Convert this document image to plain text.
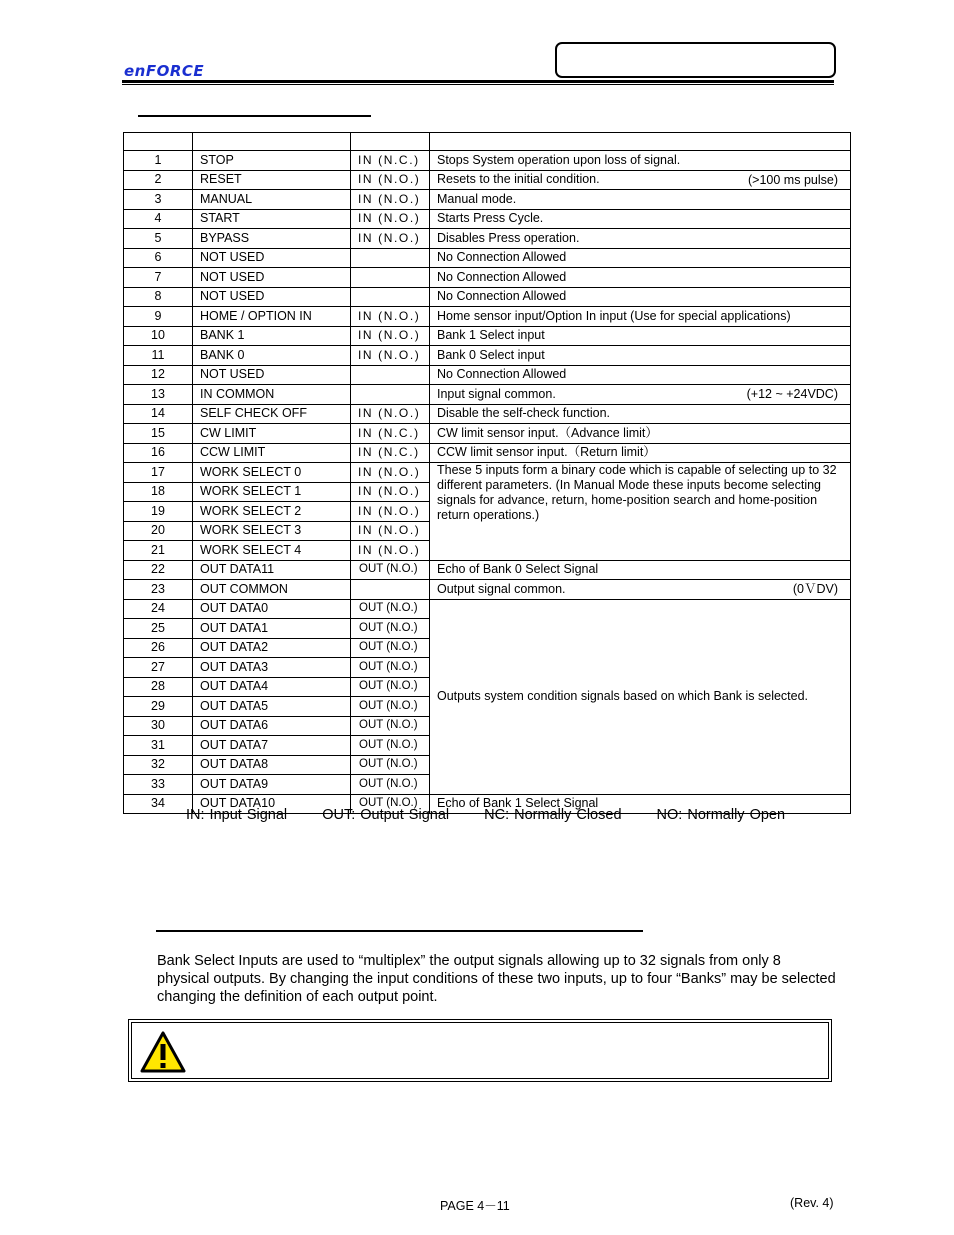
enFORCE

1	STOP	IN (N.C.)	Stops System operation upon loss of signal.
2	RESET	IN (N.O.)	Resets to the initial condition. (>100 ms pulse)

3	MANUAL	IN (N.O.)	Manual mode.
4	START	IN (N.O.)	Starts Press Cycle.
5	BYPASS	IN (N.O.)	Disables Press operation.
6	NOT USED		No Connection Allowed
7	NOT USED		No Connection Allowed
8	NOT USED		No Connection Allowed
9	HOME / OPTION IN	IN (N.O.)	Home sensor input/Option In input (Use for special applications)
10	BANK 1	IN (N.O.)	Bank 1 Select input
11	BANK 0	IN (N.O.)	Bank 0 Select input
12	NOT USED		No Connection Allowed
13	IN COMMON		Input signal common. (+12 ~ +24VDC)

14	SELF CHECK OFF	IN (N.O.)	Disable the self-check function.
15	CW LIMIT	IN (N.C.)	CW limit sensor input.（Advance limit）
16	CCW LIMIT	IN (N.C.)	CCW limit sensor input.（Return limit）
17	WORK SELECT 0	IN (N.O.)	These 5 inputs form a binary code which is capable of selecting up to 32 different parameters. (In Manual Mode these inputs become selecting signals for advance, return, home-position search and home-position return operations.)
18	WORK SELECT 1	IN (N.O.)	
19	WORK SELECT 2	IN (N.O.)	
20	WORK SELECT 3	IN (N.O.)	
21	WORK SELECT 4	IN (N.O.)	
22	OUT DATA11	OUT (N.O.)	Echo of Bank 0 Select Signal
23	OUT COMMON		Output signal common. (0ＶDV)

24	OUT DATA0	OUT (N.O.)	Outputs system condition signals based on which Bank is selected.
25	OUT DATA1	OUT (N.O.)	
26	OUT DATA2	OUT (N.O.)	
27	OUT DATA3	OUT (N.O.)	
28	OUT DATA4	OUT (N.O.)	
29	OUT DATA5	OUT (N.O.)	
30	OUT DATA6	OUT (N.O.)	
31	OUT DATA7	OUT (N.O.)	
32	OUT DATA8	OUT (N.O.)	
33	OUT DATA9	OUT (N.O.)	
34	OUT DATA10	OUT (N.O.)	Echo of Bank 1 Select Signal
IN: Input Signal OUT: Output Signal NC: Normally Closed NO: Normally Open
Bank Select Inputs are used to “multiplex” the output signals allowing up to 32 signals from only 8 physical outputs. By changing the input conditions of these two inputs, up to four “Banks” may be selected changing the definition of each output point.
PAGE 4－11	(Rev. 4)
